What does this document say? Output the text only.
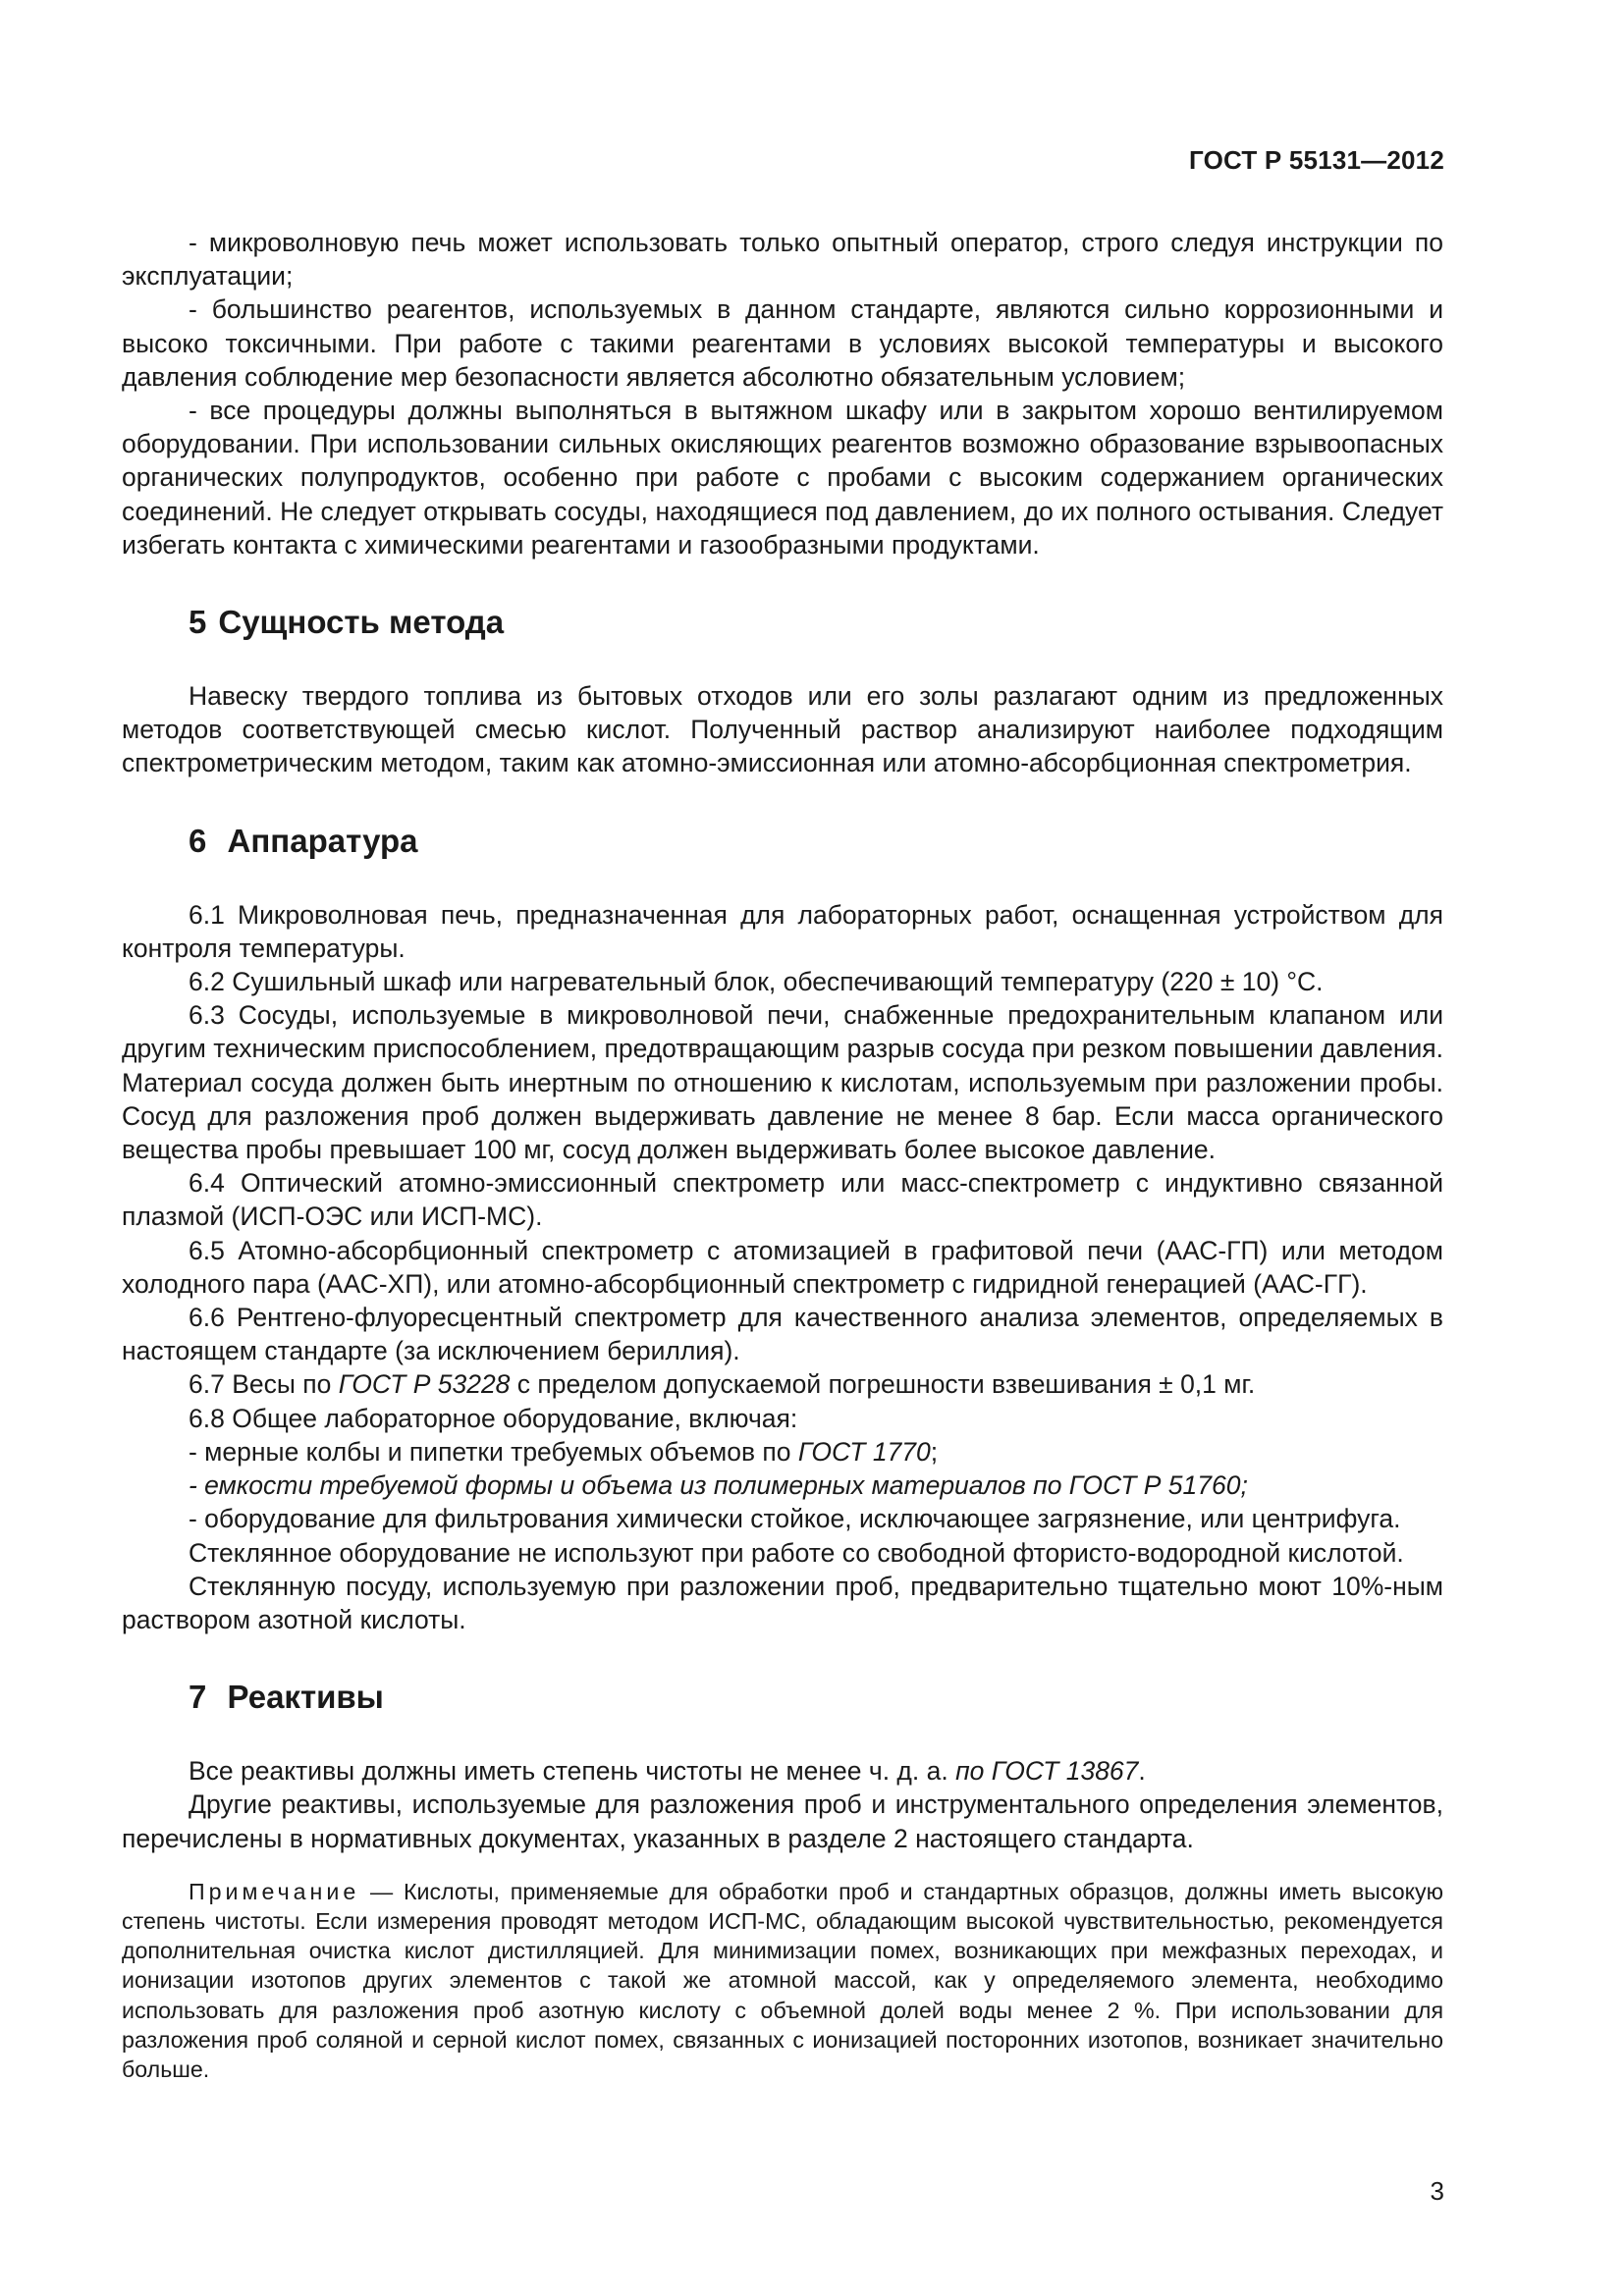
ГОСТ Р 55131—2012

- микроволновую печь может использовать только опытный оператор, строго следуя инструкции по эксплуатации;

- большинство реагентов, используемых в данном стандарте, являются сильно коррозионными и высоко токсичными. При работе с такими реагентами в условиях высокой температуры и высокого давления соблюдение мер безопасности является абсолютно обязательным условием;

- все процедуры должны выполняться в вытяжном шкафу или в закрытом хорошо вентилируемом оборудовании. При использовании сильных окисляющих реагентов возможно образование взрывоопасных органических полупродуктов, особенно при работе с пробами с высоким содержанием органических соединений. Не следует открывать сосуды, находящиеся под давлением, до их полного остывания. Следует избегать контакта с химическими реагентами и газообразными продуктами.

5 Сущность метода

Навеску твердого топлива из бытовых отходов или его золы разлагают одним из предложенных методов соответствующей смесью кислот. Полученный раствор анализируют наиболее подходящим спектрометрическим методом, таким как атомно-эмиссионная или атомно-абсорбционная спектрометрия.

6 Аппаратура

6.1 Микроволновая печь, предназначенная для лабораторных работ, оснащенная устройством для контроля температуры.

6.2 Сушильный шкаф или нагревательный блок, обеспечивающий температуру (220 ± 10) °С.

6.3 Сосуды, используемые в микроволновой печи, снабженные предохранительным клапаном или другим техническим приспособлением, предотвращающим разрыв сосуда при резком повышении давления. Материал сосуда должен быть инертным по отношению к кислотам, используемым при разложении пробы. Сосуд для разложения проб должен выдерживать давление не менее 8 бар. Если масса органического вещества пробы превышает 100 мг, сосуд должен выдерживать более высокое давление.

6.4 Оптический атомно-эмиссионный спектрометр или масс-спектрометр с индуктивно связанной плазмой (ИСП-ОЭС или ИСП-МС).

6.5 Атомно-абсорбционный спектрометр с атомизацией в графитовой печи (ААС-ГП) или методом холодного пара (ААС-ХП), или атомно-абсорбционный спектрометр с гидридной генерацией (ААС-ГГ).

6.6 Рентгено-флуоресцентный спектрометр для качественного анализа элементов, определяемых в настоящем стандарте (за исключением бериллия).

6.7 Весы по ГОСТ Р 53228 с пределом допускаемой погрешности взвешивания ± 0,1 мг.

6.8 Общее лабораторное оборудование, включая:

- мерные колбы и пипетки требуемых объемов по ГОСТ 1770;

- емкости требуемой формы и объема из полимерных материалов по ГОСТ Р 51760;

- оборудование для фильтрования химически стойкое, исключающее загрязнение, или центрифуга.

Стеклянное оборудование не используют при работе со свободной фтористо-водородной кислотой.

Стеклянную посуду, используемую при разложении проб, предварительно тщательно моют 10%-ным раствором азотной кислоты.

7 Реактивы

Все реактивы должны иметь степень чистоты не менее ч. д. а. по ГОСТ 13867.

Другие реактивы, используемые для разложения проб и инструментального определения элементов, перечислены в нормативных документах, указанных в разделе 2 настоящего стандарта.

Примечание — Кислоты, применяемые для обработки проб и стандартных образцов, должны иметь высокую степень чистоты. Если измерения проводят методом ИСП-МС, обладающим высокой чувствительностью, рекомендуется дополнительная очистка кислот дистилляцией. Для минимизации помех, возникающих при межфазных переходах, и ионизации изотопов других элементов с такой же атомной массой, как у определяемого элемента, необходимо использовать для разложения проб азотную кислоту с объемной долей воды менее 2 %. При использовании для разложения проб соляной и серной кислот помех, связанных с ионизацией посторонних изотопов, возникает значительно больше.

3
